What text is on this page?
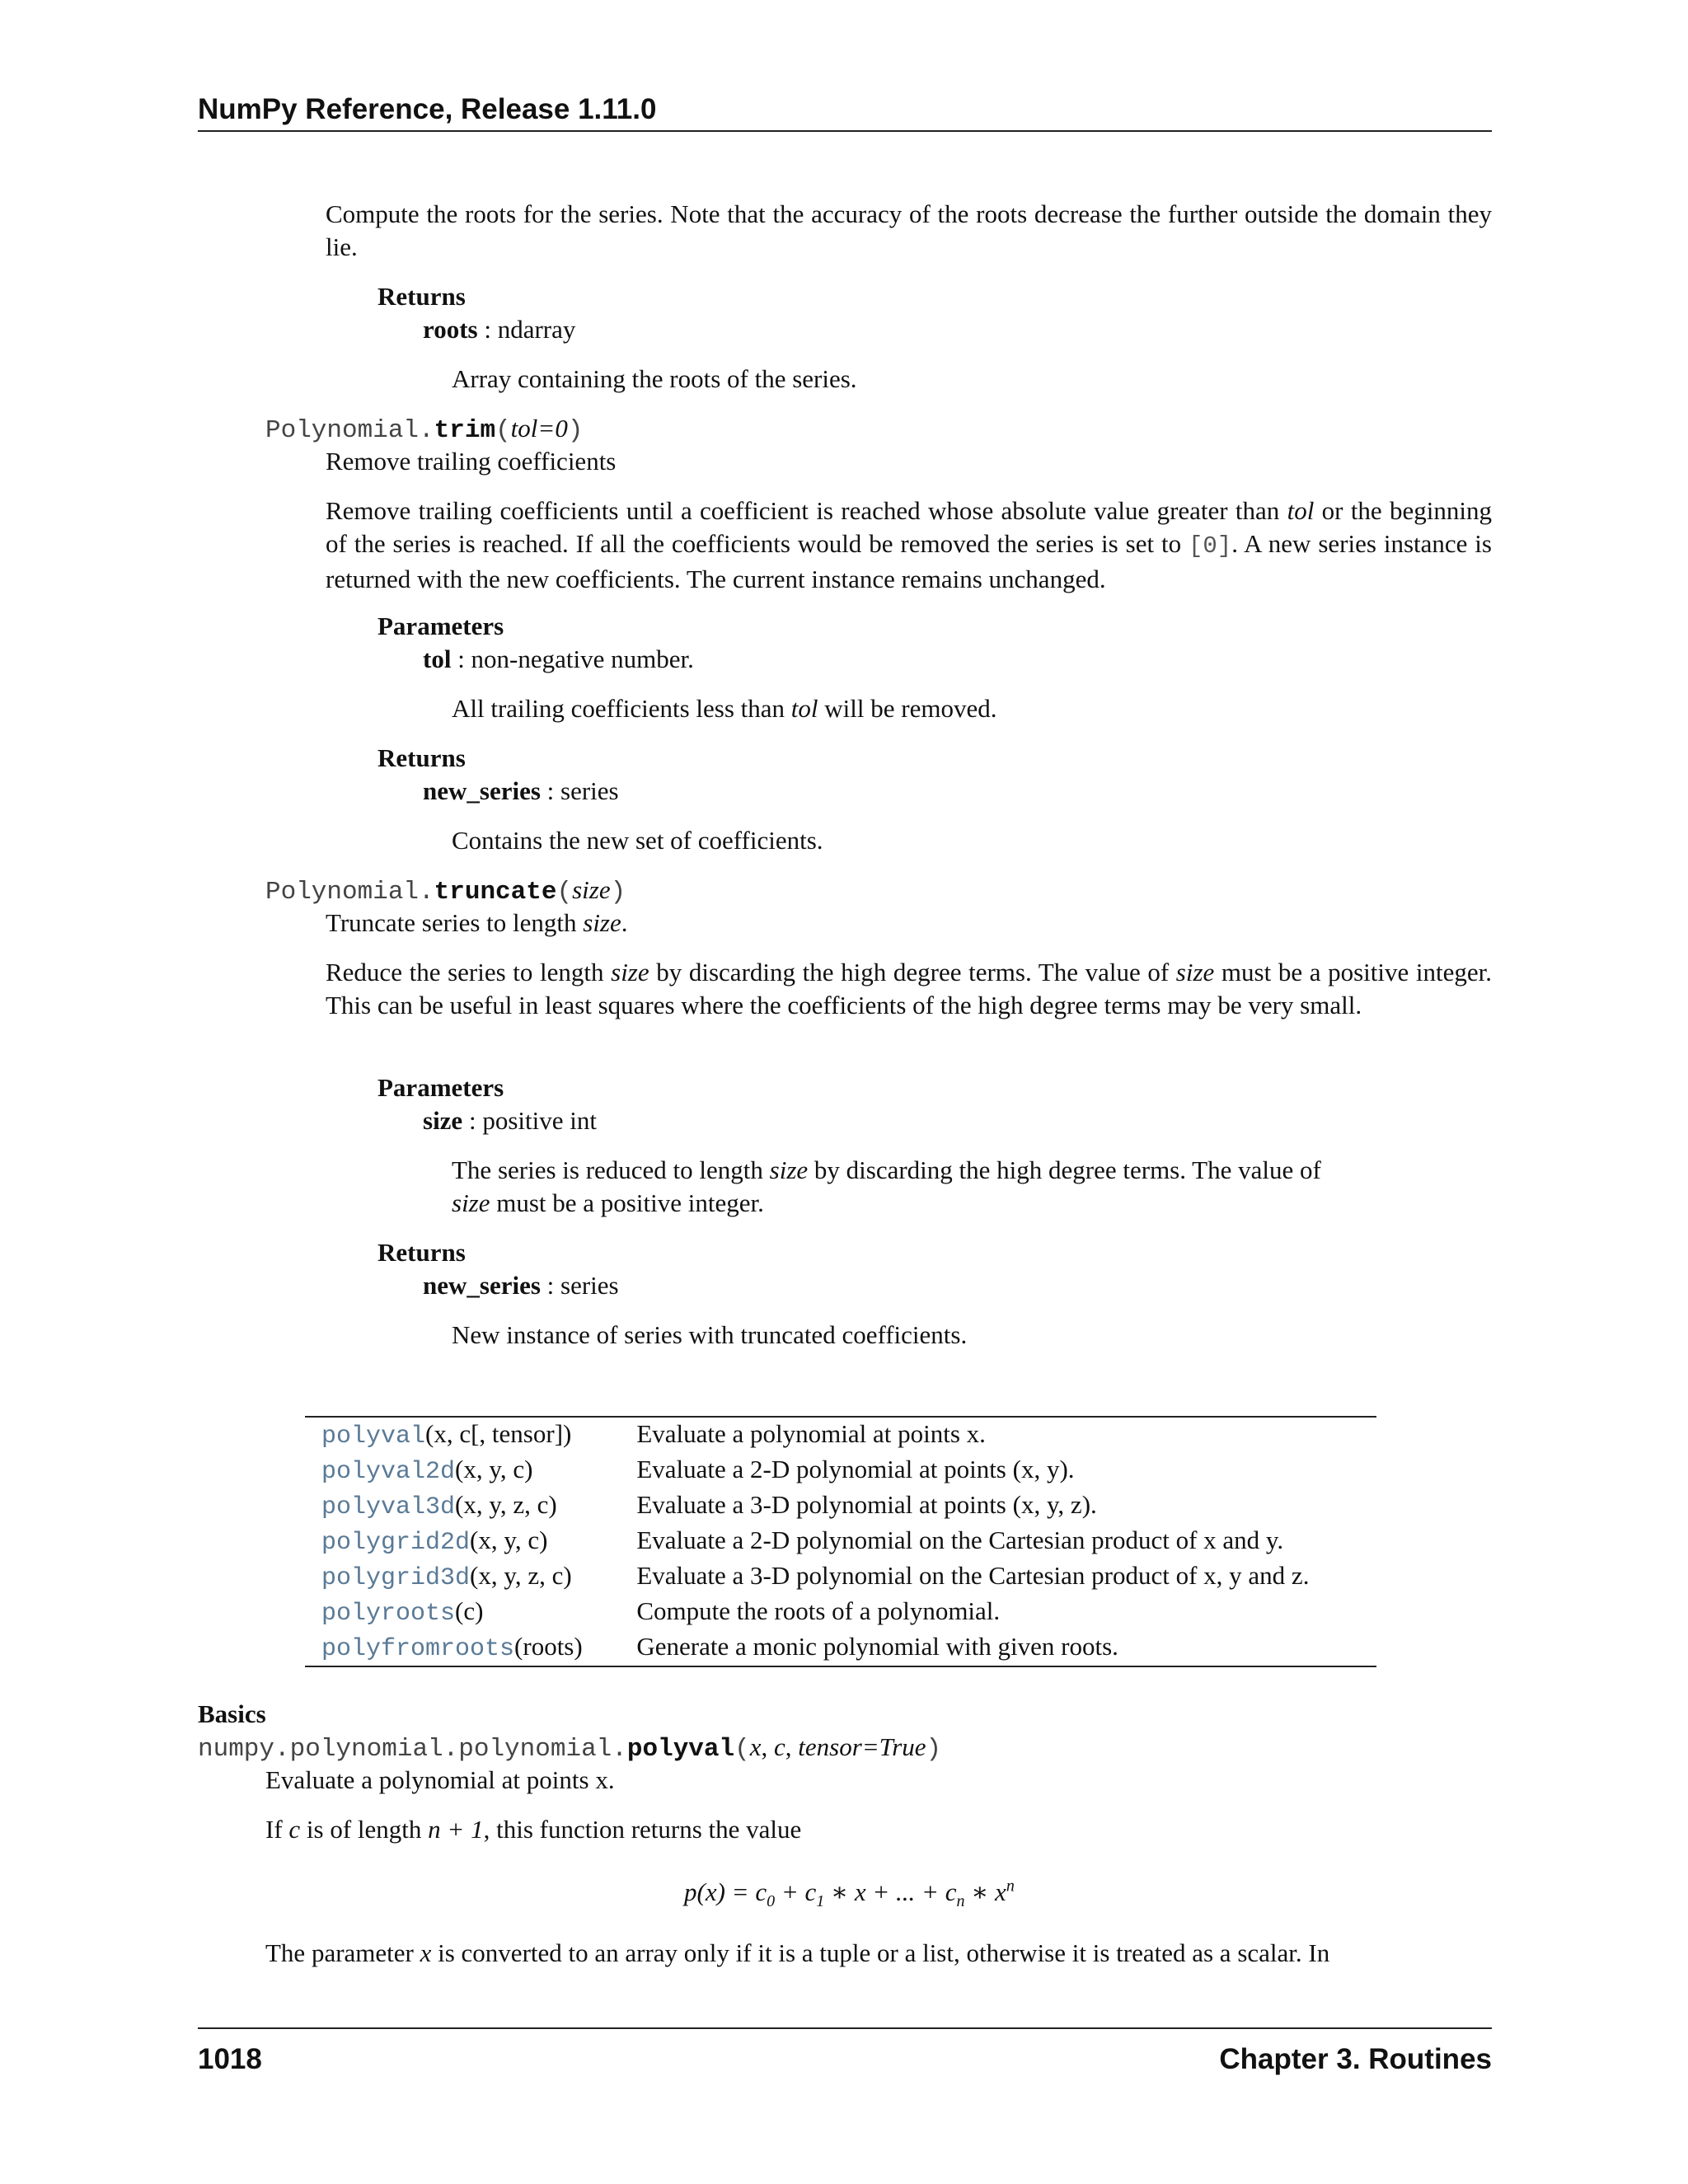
NumPy Reference, Release 1.11.0

Compute the roots for the series. Note that the accuracy of the roots decrease the further outside the domain they lie.

Returns
roots : ndarray
Array containing the roots of the series.
Polynomial.trim(tol=0)
Remove trailing coefficients

Remove trailing coefficients until a coefficient is reached whose absolute value greater than tol or the beginning of the series is reached. If all the coefficients would be removed the series is set to [0]. A new series instance is returned with the new coefficients. The current instance remains unchanged.

Parameters
tol : non-negative number.
All trailing coefficients less than tol will be removed.
Returns
new_series : series
Contains the new set of coefficients.
Polynomial.truncate(size)
Truncate series to length size.

Reduce the series to length size by discarding the high degree terms. The value of size must be a positive integer. This can be useful in least squares where the coefficients of the high degree terms may be very small.

Parameters
size : positive int
The series is reduced to length size by discarding the high degree terms. The value of
size must be a positive integer.
Returns
new_series : series
New instance of series with truncated coefficients.
polyval(x, c[, tensor])	Evaluate a polynomial at points x.
polyval2d(x, y, c)	Evaluate a 2-D polynomial at points (x, y).
polyval3d(x, y, z, c)	Evaluate a 3-D polynomial at points (x, y, z).
polygrid2d(x, y, c)	Evaluate a 2-D polynomial on the Cartesian product of x and y.
polygrid3d(x, y, z, c)	Evaluate a 3-D polynomial on the Cartesian product of x, y and z.
polyroots(c)	Compute the roots of a polynomial.
polyfromroots(roots)	Generate a monic polynomial with given roots.
Basics
numpy.polynomial.polynomial.polyval(x, c, tensor=True)
Evaluate a polynomial at points x.
If c is of length n + 1, this function returns the value
$p(x) = c_0 + c_1$ ∗ x + ... + $c_n$ ∗ $x^n$

The parameter x is converted to an array only if it is a tuple or a list, otherwise it is treated as a scalar. In

1018	Chapter 3. Routines
